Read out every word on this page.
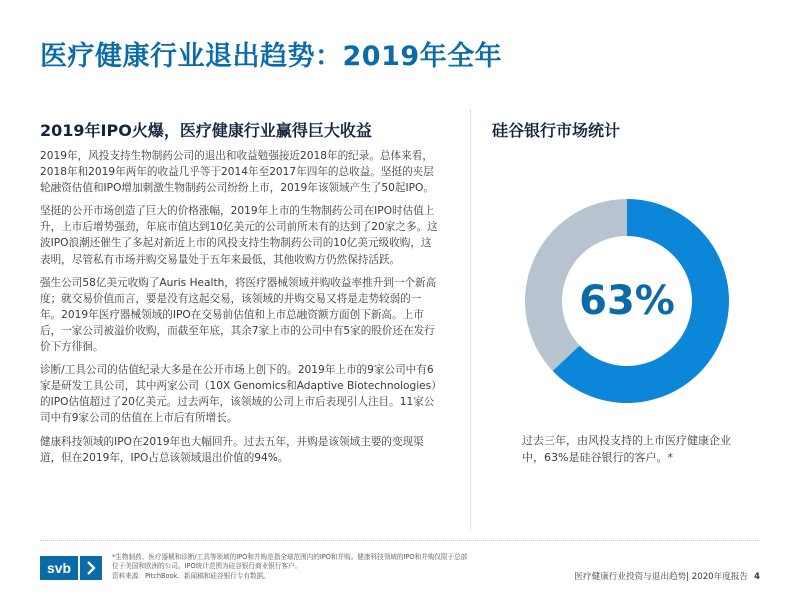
医疗健康行业退出趋势：2019年全年
2019年IPO火爆，医疗健康行业赢得巨大收益

2019年，风投支持生物制药公司的退出和收益勉强接近2018年的纪录。总体来看，2018年和2019年两年的收益几乎等于2014年至2017年四年的总收益。坚挺的夹层轮融资估值和IPO增加刺激生物制药公司纷纷上市，2019年该领域产生了50起IPO。

坚挺的公开市场创造了巨大的价格涨幅，2019年上市的生物制药公司在IPO时估值上升，上市后增势强劲，年底市值达到10亿美元的公司前所未有的达到了20家之多。这波IPO浪潮还催生了多起对新近上市的风投支持生物制药公司的10亿美元级收购，这表明，尽管私有市场并购交易量处于五年来最低，其他收购方仍然保持活跃。

强生公司58亿美元收购了Auris Health，将医疗器械领域并购收益率推升到一个新高度；就交易价值而言，要是没有这起交易，该领域的并购交易又将是走势较弱的一年。2019年医疗器械领域的IPO在交易前估值和上市总融资额方面创下新高。上市后，一家公司被溢价收购，而截至年底，其余7家上市的公司中有5家的股价还在发行价下方徘徊。

诊断/工具公司的估值纪录大多是在公开市场上创下的。2019年上市的9家公司中有6家是研发工具公司，其中两家公司（10X Genomics和Adaptive Biotechnologies）的IPO估值超过了20亿美元。过去两年，该领域的公司上市后表现引人注目。11家公司中有9家公司的估值在上市后有所增长。

健康科技领域的IPO在2019年也大幅回升。过去五年，并购是该领域主要的变现渠道，但在2019年，IPO占总该领域退出价值的94%。

硅谷银行市场统计
63%
过去三年，由风投支持的上市医疗健康企业中，63%是硅谷银行的客户。*
svb
*生物制药、医疗器械和诊断/工具等领域的IPO和并购是指全球范围内的IPO和并购。健康科技领域的IPO和并购仅限于总部位于美国和欧洲的公司。IPO统计范围为硅谷银行商业银行客户。
资料来源：PitchBook、新闻稿和硅谷银行专有数据。	医疗健康行业投资与退出趋势| 2020年度报告 4
